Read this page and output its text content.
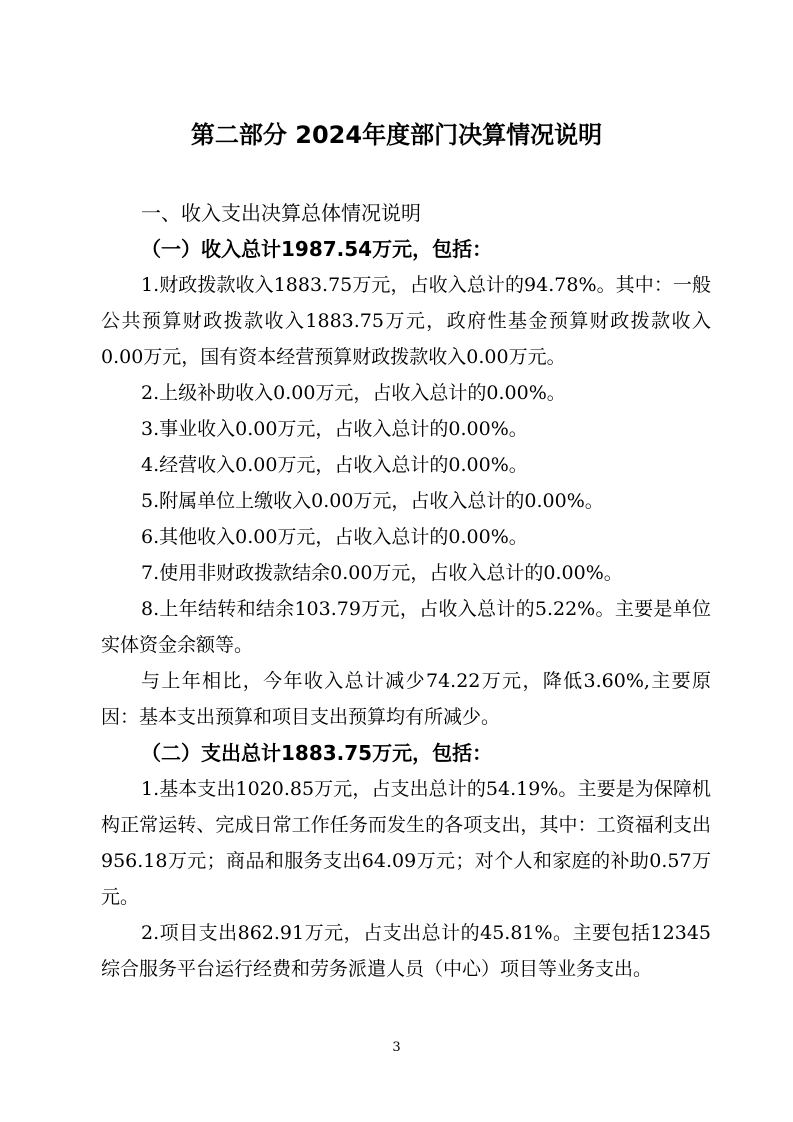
第二部分 2024年度部门决算情况说明
一、收入支出决算总体情况说明
（一）收入总计1987.54万元，包括：

1.财政拨款收入1883.75万元，占收入总计的94.78%。其中：一般公共预算财政拨款收入1883.75万元，政府性基金预算财政拨款收入0.00万元，国有资本经营预算财政拨款收入0.00万元。

2.上级补助收入0.00万元，占收入总计的0.00%。

3.事业收入0.00万元，占收入总计的0.00%。

4.经营收入0.00万元，占收入总计的0.00%。

5.附属单位上缴收入0.00万元，占收入总计的0.00%。

6.其他收入0.00万元，占收入总计的0.00%。

7.使用非财政拨款结余0.00万元，占收入总计的0.00%。

8.上年结转和结余103.79万元，占收入总计的5.22%。主要是单位实体资金余额等。

与上年相比，今年收入总计减少74.22万元，降低3.60%,主要原因：基本支出预算和项目支出预算均有所减少。

（二）支出总计1883.75万元，包括：

1.基本支出1020.85万元，占支出总计的54.19%。主要是为保障机构正常运转、完成日常工作任务而发生的各项支出，其中：工资福利支出956.18万元；商品和服务支出64.09万元；对个人和家庭的补助0.57万元。

2.项目支出862.91万元，占支出总计的45.81%。主要包括12345综合服务平台运行经费和劳务派遣人员（中心）项目等业务支出。

3
